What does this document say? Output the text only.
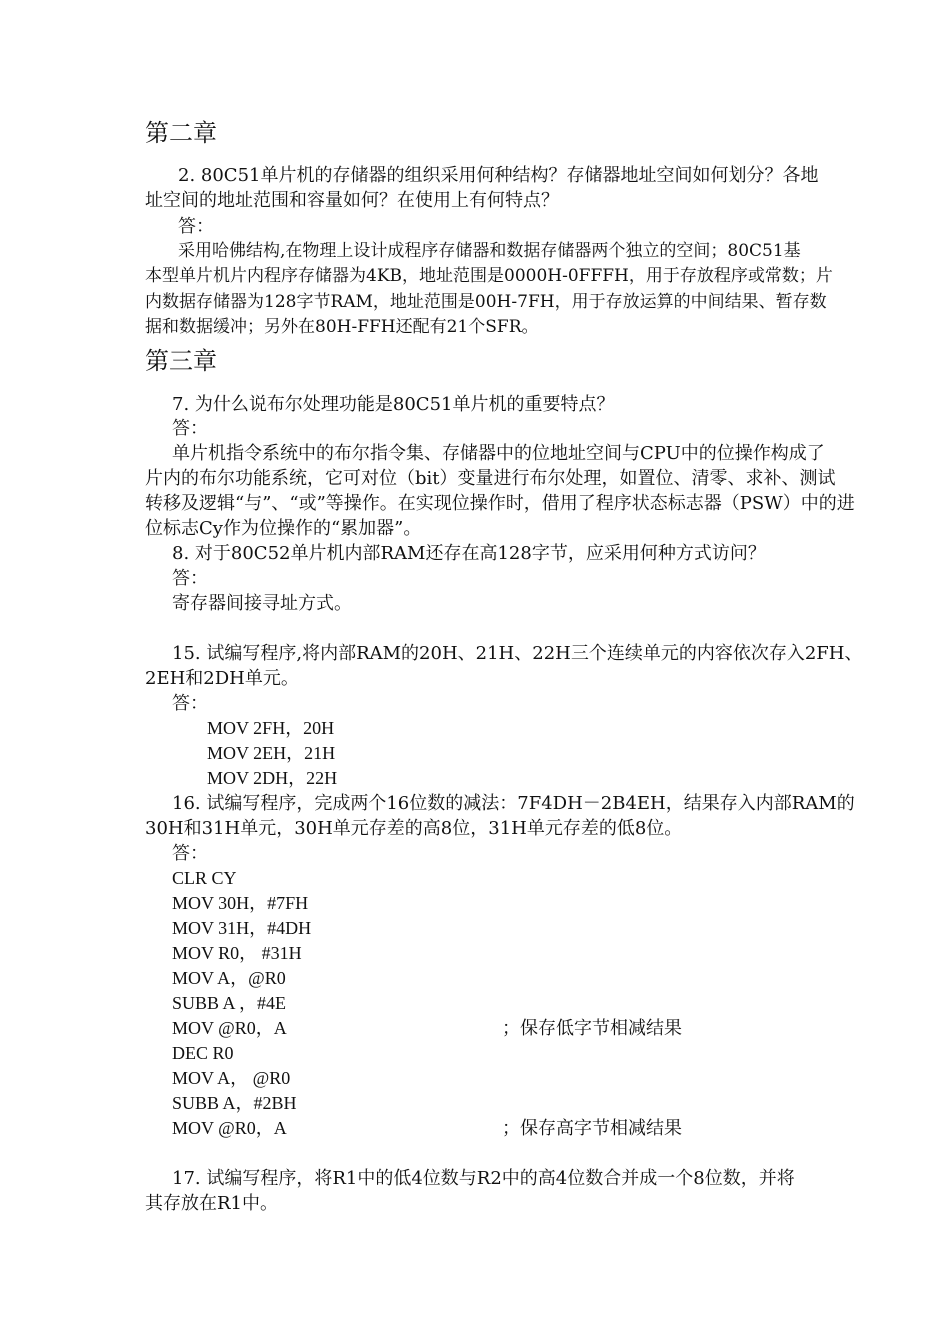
第二章
2. 80C51单片机的存储器的组织采用何种结构？存储器地址空间如何划分？各地
址空间的地址范围和容量如何？在使用上有何特点？
答：
采用哈佛结构,在物理上设计成程序存储器和数据存储器两个独立的空间；80C51基
本型单片机片内程序存储器为4KB，地址范围是0000H-0FFFH，用于存放程序或常数；片
内数据存储器为128字节RAM，地址范围是00H-7FH，用于存放运算的中间结果、暂存数
据和数据缓冲；另外在80H-FFH还配有21个SFR。
第三章
7. 为什么说布尔处理功能是80C51单片机的重要特点？
答：
单片机指令系统中的布尔指令集、存储器中的位地址空间与CPU中的位操作构成了
片内的布尔功能系统，它可对位（bit）变量进行布尔处理，如置位、清零、求补、测试
转移及逻辑“与”、“或”等操作。在实现位操作时，借用了程序状态标志器（PSW）中的进
位标志Cy作为位操作的“累加器”。
8. 对于80C52单片机内部RAM还存在高128字节，应采用何种方式访问？
答：
寄存器间接寻址方式。
15. 试编写程序,将内部RAM的20H、21H、22H三个连续单元的内容依次存入2FH、
2EH和2DH单元。
答：
MOV 2FH，20H
MOV 2EH，21H
MOV 2DH，22H
16. 试编写程序，完成两个16位数的减法：7F4DH－2B4EH，结果存入内部RAM的
30H和31H单元，30H单元存差的高8位，31H单元存差的低8位。
答：
CLR CY
MOV 30H，#7FH
MOV 31H，#4DH
MOV R0， #31H
MOV A，@R0
SUBB A ，#4E
MOV @R0，A	；保存低字节相减结果
DEC R0
MOV A， @R0
SUBB A，#2BH
MOV @R0，A	；保存高字节相减结果
17. 试编写程序，将R1中的低4位数与R2中的高4位数合并成一个8位数，并将
其存放在R1中。
